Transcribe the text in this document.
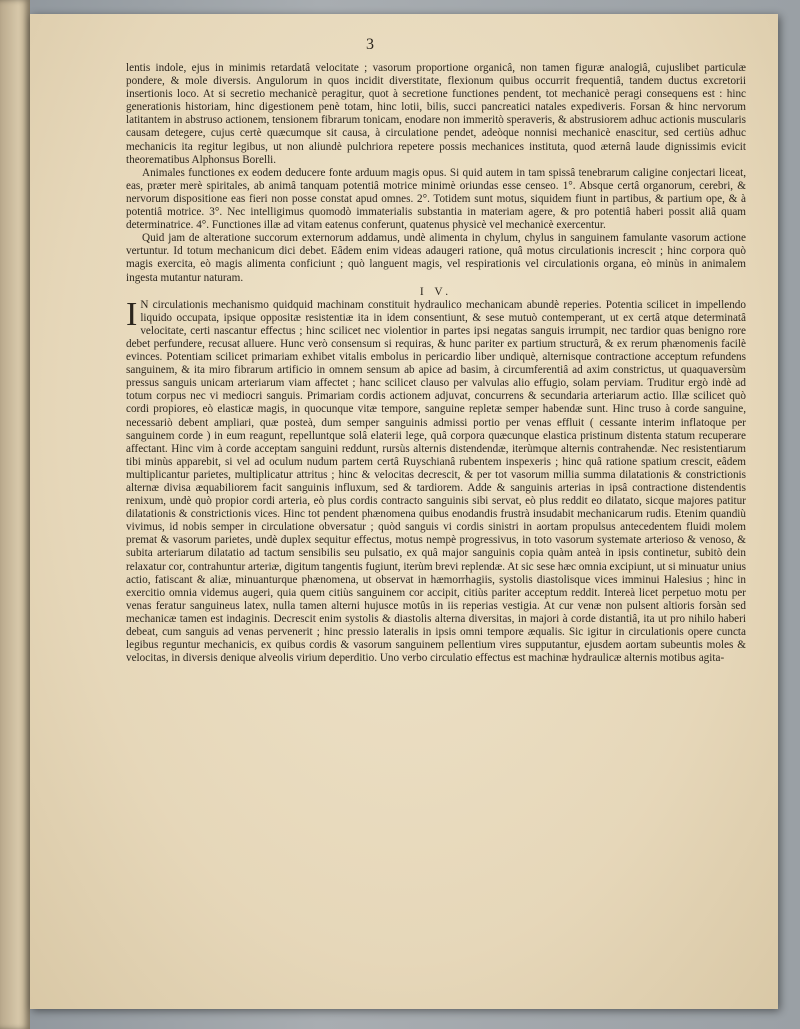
3

lentis indole, ejus in minimis retardatâ velocitate ; vasorum proportione organicâ, non tamen figuræ analogiâ, cujuslibet particulæ pondere, & mole diversis. Angulorum in quos incidit diverstitate, flexionum quibus occurrit frequentiâ, tandem ductus excretorii insertionis loco. At si secretio mechanicè peragitur, quot à secretione functiones pendent, tot mechanicè peragi consequens est : hinc generationis historiam, hinc digestionem penè totam, hinc lotii, bilis, succi pancreatici natales expediveris. Forsan & hinc nervorum latitantem in abstruso actionem, tensionem fibrarum tonicam, enodare non immeritò speraveris, & abstrusiorem adhuc actionis muscularis causam detegere, cujus certè quæcumque sit causa, à circulatione pendet, adeòque nonnisi mechanicè enascitur, sed certiùs adhuc mechanicis ita regitur legibus, ut non aliundè pulchriora repetere possis mechanices instituta, quod æternâ laude dignissimis evicit theorematibus Alphonsus Borelli.

Animales functiones ex eodem deducere fonte arduum magis opus. Si quid autem in tam spissâ tenebrarum caligine conjectari liceat, eas, præter merè spiritales, ab animâ tanquam potentiâ motrice minimè oriundas esse censeo. 1°. Absque certâ organorum, cerebri, & nervorum dispositione eas fieri non posse constat apud omnes. 2°. Totidem sunt motus, siquidem fiunt in partibus, & partium ope, & à potentiâ motrice. 3°. Nec intelligimus quomodò immaterialis substantia in materiam agere, & pro potentiâ haberi possit aliâ quam determinatrice. 4°. Functiones illæ ad vitam eatenus conferunt, quatenus physicè vel mechanicè exercentur.

Quid jam de alteratione succorum externorum addamus, undè alimenta in chylum, chylus in sanguinem famulante vasorum actione vertuntur. Id totum mechanicum dici debet. Eâdem enim videas adaugeri ratione, quâ motus circulationis increscit ; hinc corpora quò magis exercita, eò magis alimenta conficiunt ; quò languent magis, vel respirationis vel circulationis organa, eò minùs in animalem ingesta mutantur naturam.

I V.

I N circulationis mechanismo quidquid machinam constituit hydraulico mechanicam abundè reperies. Potentia scilicet in impellendo liquido occupata, ipsique oppositæ resistentiæ ita in idem consentiunt, & sese mutuò contemperant, ut ex certâ atque determinatâ velocitate, certi nascantur effectus ; hinc scilicet nec violentior in partes ipsi negatas sanguis irrumpit, nec tardior quas benigno rore debet perfundere, recusat alluere. Hunc verò consensum si requiras, & hunc pariter ex partium structurâ, & ex rerum phænomenis facilè evinces. Potentiam scilicet primariam exhibet vitalis embolus in pericardio liber undiquè, alternisque contractione acceptum refundens sanguinem, & ita miro fibrarum artificio in omnem sensum ab apice ad basim, à circumferentiâ ad axim constrictus, ut quaquaversùm pressus sanguis unicam arteriarum viam affectet ; hanc scilicet clauso per valvulas alio effugio, solam perviam. Truditur ergò indè ad totum corpus nec vi mediocri sanguis. Primariam cordis actionem adjuvat, concurrens & secundaria arteriarum actio. Illæ scilicet quò cordi propiores, eò elasticæ magis, in quocunque vitæ tempore, sanguine repletæ semper habendæ sunt. Hinc truso à corde sanguine, necessariò debent ampliari, quæ posteà, dum semper sanguinis admissi portio per venas effluit ( cessante interim inflatoque per sanguinem corde ) in eum reagunt, repelluntque solâ elaterii lege, quâ corpora quæcunque elastica pristinum distenta statum recuperare affectant. Hinc vim à corde acceptam sanguini reddunt, rursùs alternis distendendæ, iterùmque alternis contrahendæ. Nec resistentiarum tibi minùs apparebit, si vel ad oculum nudum partem certâ Ruyschianâ rubentem inspexeris ; hinc quâ ratione spatium crescit, eâdem multiplicantur parietes, multiplicatur attritus ; hinc & velocitas decrescit, & per tot vasorum millia summa dilatationis & constrictionis alternæ divisa æquabiliorem facit sanguinis influxum, sed & tardiorem. Adde & sanguinis arterias in ipsâ contractione distendentis renixum, undè quò propior cordi arteria, eò plus cordis contracto sanguinis sibi servat, eò plus reddit eo dilatato, sicque majores patitur dilatationis & constrictionis vices. Hinc tot pendent phænomena quibus enodandis frustrà insudabit mechanicarum rudis. Etenim quandiù vivimus, id nobis semper in circulatione obversatur ; quòd sanguis vi cordis sinistri in aortam propulsus antecedentem fluidi molem premat & vasorum parietes, undè duplex sequitur effectus, motus nempè progressivus, in toto vasorum systemate arterioso & venoso, & subita arteriarum dilatatio ad tactum sensibilis seu pulsatio, ex quâ major sanguinis copia quàm anteà in ipsis continetur, subitò dein relaxatur cor, contrahuntur arteriæ, digitum tangentis fugiunt, iterùm brevi replendæ. At sic sese hæc omnia excipiunt, ut si minuatur unius actio, fatiscant & aliæ, minuanturque phænomena, ut observat in hæmorrhagiis, systolis diastolisque vices imminui Halesius ; hinc in exercitio omnia videmus augeri, quia quem citiùs sanguinem cor accipit, citiùs pariter acceptum reddit. Intereà licet perpetuo motu per venas feratur sanguineus latex, nulla tamen alterni hujusce motûs in iis reperias vestigia. At cur venæ non pulsent altioris forsàn sed mechanicæ tamen est indaginis. Decrescit enim systolis & diastolis alterna diversitas, in majori à corde distantiâ, ita ut pro nihilo haberi debeat, cum sanguis ad venas pervenerit ; hinc pressio lateralis in ipsis omni tempore æqualis. Sic igitur in circulationis opere cuncta legibus reguntur mechanicis, ex quibus cordis & vasorum sanguinem pellentium vires supputantur, ejusdem aortam subeuntis moles & velocitas, in diversis denique alveolis virium deperditio. Uno verbo circulatio effectus est machinæ hydraulicæ alternis motibus agita-
